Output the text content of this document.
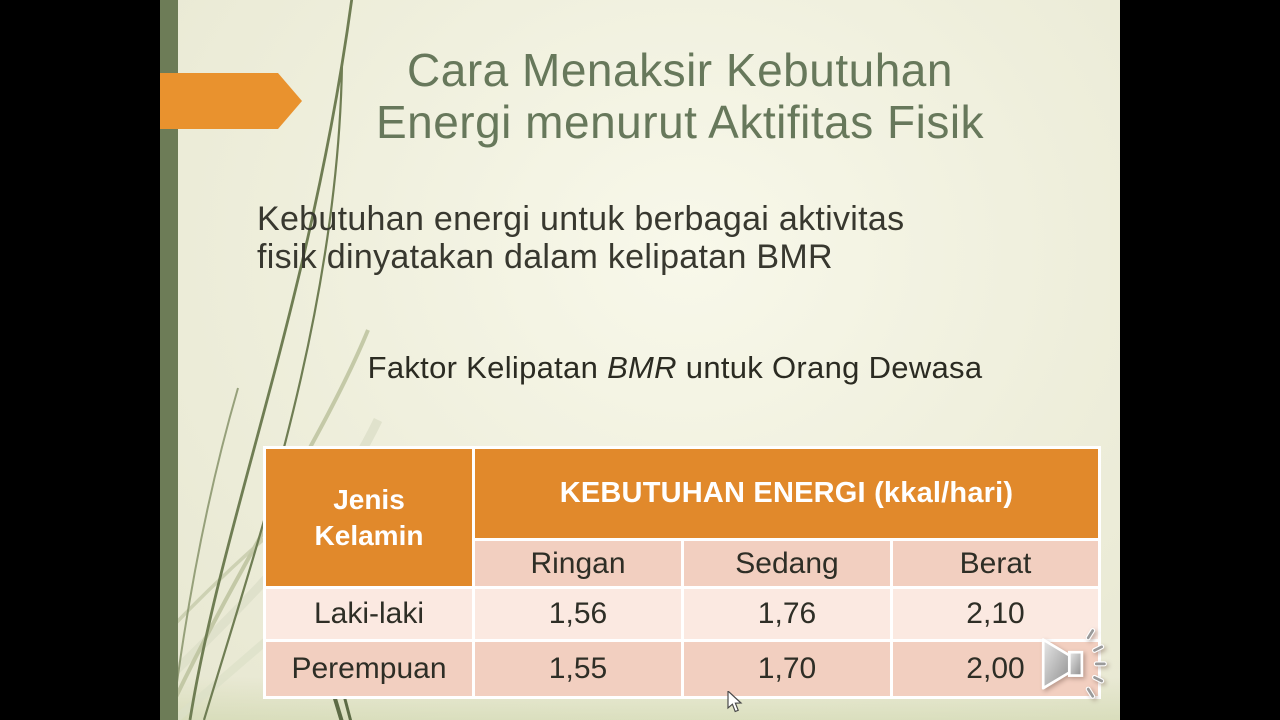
Cara Menaksir Kebutuhan
Energi menurut Aktifitas Fisik

Kebutuhan energi untuk berbagai aktivitas
fisik dinyatakan dalam kelipatan BMR

Faktor Kelipatan BMR untuk Orang Dewasa

Jenis Kelamin
KEBUTUHAN ENERGI (kkal/hari)
Ringan	Sedang	Berat
Laki-laki	1,56	1,76	2,10
Perempuan	1,55	1,70	2,00
